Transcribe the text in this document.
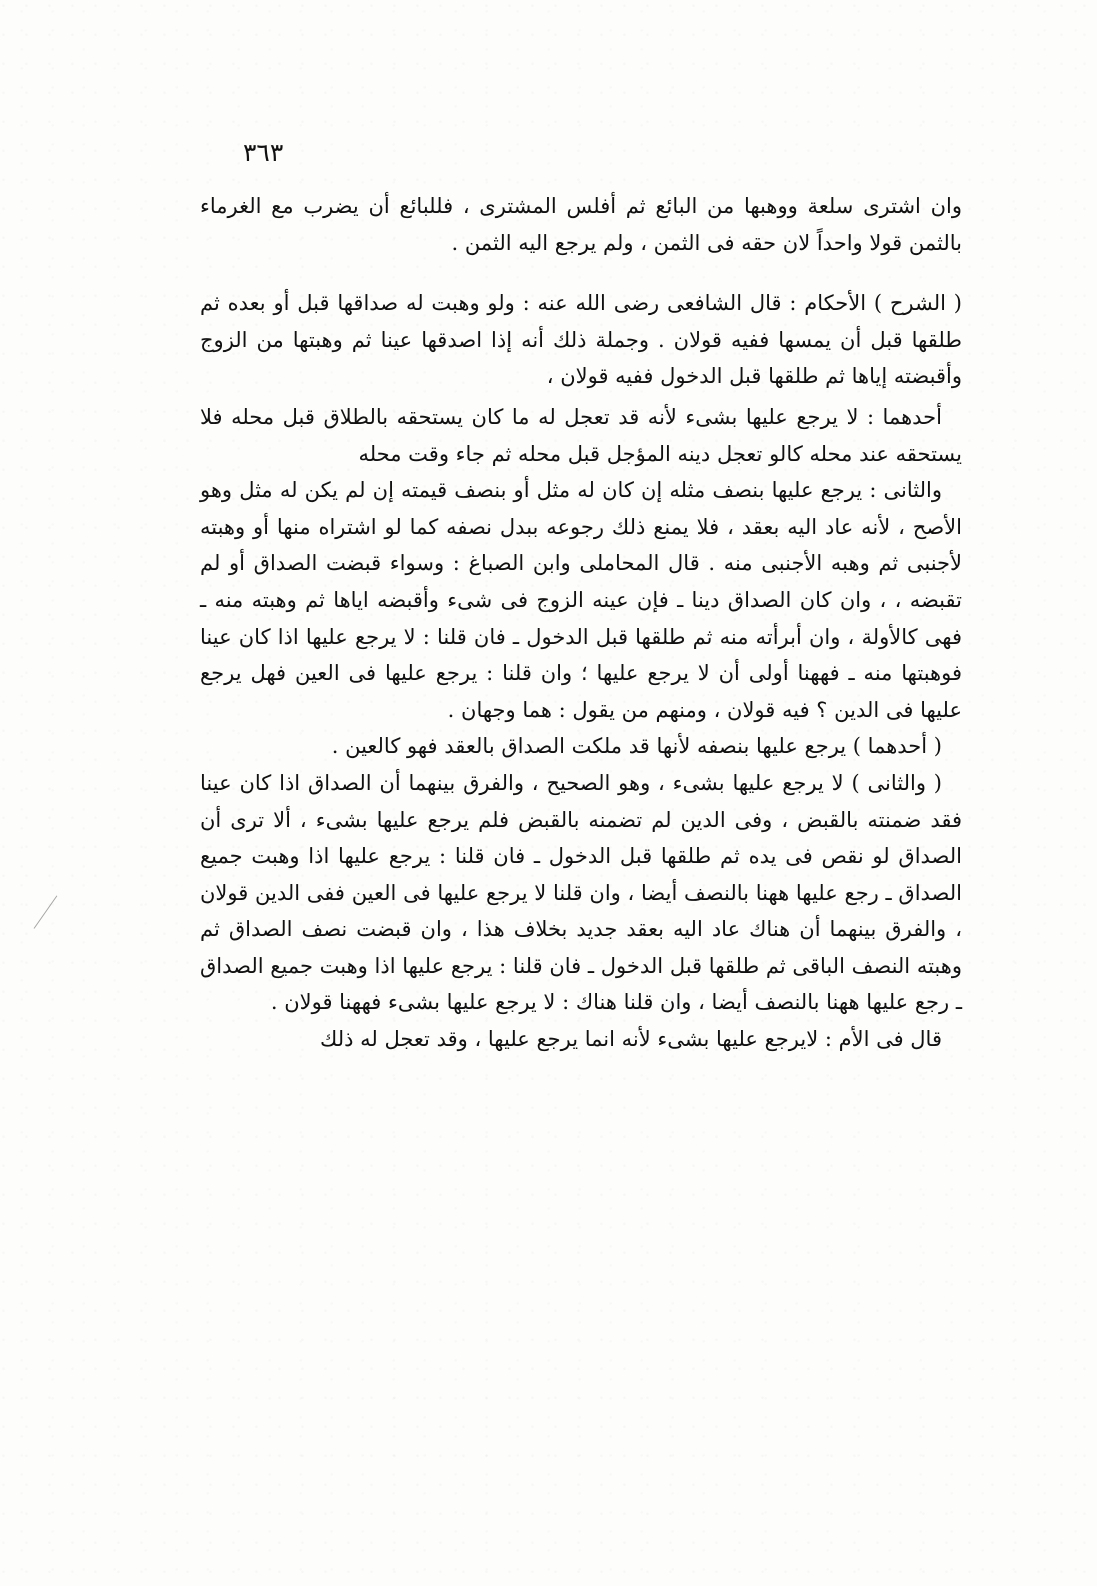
٣٦٣

وان اشترى سلعة ووهبها من البائع ثم أفلس المشترى ، فللبائع أن يضرب مع الغرماء بالثمن قولا واحداً لان حقه فى الثمن ، ولم يرجع اليه الثمن .

( الشرح ) الأحكام : قال الشافعى رضى الله عنه : ولو وهبت له صداقها قبل أو بعده ثم طلقها قبل أن يمسها ففيه قولان . وجملة ذلك أنه إذا اصدقها عينا ثم وهبتها من الزوج وأقبضته إياها ثم طلقها قبل الدخول ففيه قولان ،

أحدهما : لا يرجع عليها بشىء لأنه قد تعجل له ما كان يستحقه بالطلاق قبل محله فلا يستحقه عند محله كالو تعجل دينه المؤجل قبل محله ثم جاء وقت محله

والثانى : يرجع عليها بنصف مثله إن كان له مثل أو بنصف قيمته إن لم يكن له مثل وهو الأصح ، لأنه عاد اليه بعقد ، فلا يمنع ذلك رجوعه ببدل نصفه كما لو اشتراه منها أو وهبته لأجنبى ثم وهبه الأجنبى منه . قال المحاملى وابن الصباغ : وسواء قبضت الصداق أو لم تقبضه ، ، وان كان الصداق دينا ـ فإن عينه الزوج فى شىء وأقبضه اياها ثم وهبته منه ـ فهى كالأولة ، وان أبرأته منه ثم طلقها قبل الدخول ـ فان قلنا : لا يرجع عليها اذا كان عينا فوهبتها منه ـ فههنا أولى أن لا يرجع عليها ؛ وان قلنا : يرجع عليها فى العين فهل يرجع عليها فى الدين ؟ فيه قولان ، ومنهم من يقول : هما وجهان .

( أحدهما ) يرجع عليها بنصفه لأنها قد ملكت الصداق بالعقد فهو كالعين .

( والثانى ) لا يرجع عليها بشىء ، وهو الصحيح ، والفرق بينهما أن الصداق اذا كان عينا فقد ضمنته بالقبض ، وفى الدين لم تضمنه بالقبض فلم يرجع عليها بشىء ، ألا ترى أن الصداق لو نقص فى يده ثم طلقها قبل الدخول ـ فان قلنا : يرجع عليها اذا وهبت جميع الصداق ـ رجع عليها ههنا بالنصف أيضا ، وان قلنا لا يرجع عليها فى العين ففى الدين قولان ، والفرق بينهما أن هناك عاد اليه بعقد جديد بخلاف هذا ، وان قبضت نصف الصداق ثم وهبته النصف الباقى ثم طلقها قبل الدخول ـ فان قلنا : يرجع عليها اذا وهبت جميع الصداق ـ رجع عليها ههنا بالنصف أيضا ، وان قلنا هناك : لا يرجع عليها بشىء فههنا قولان .

قال فى الأم : لايرجع عليها بشىء لأنه انما يرجع عليها ، وقد تعجل له ذلك
